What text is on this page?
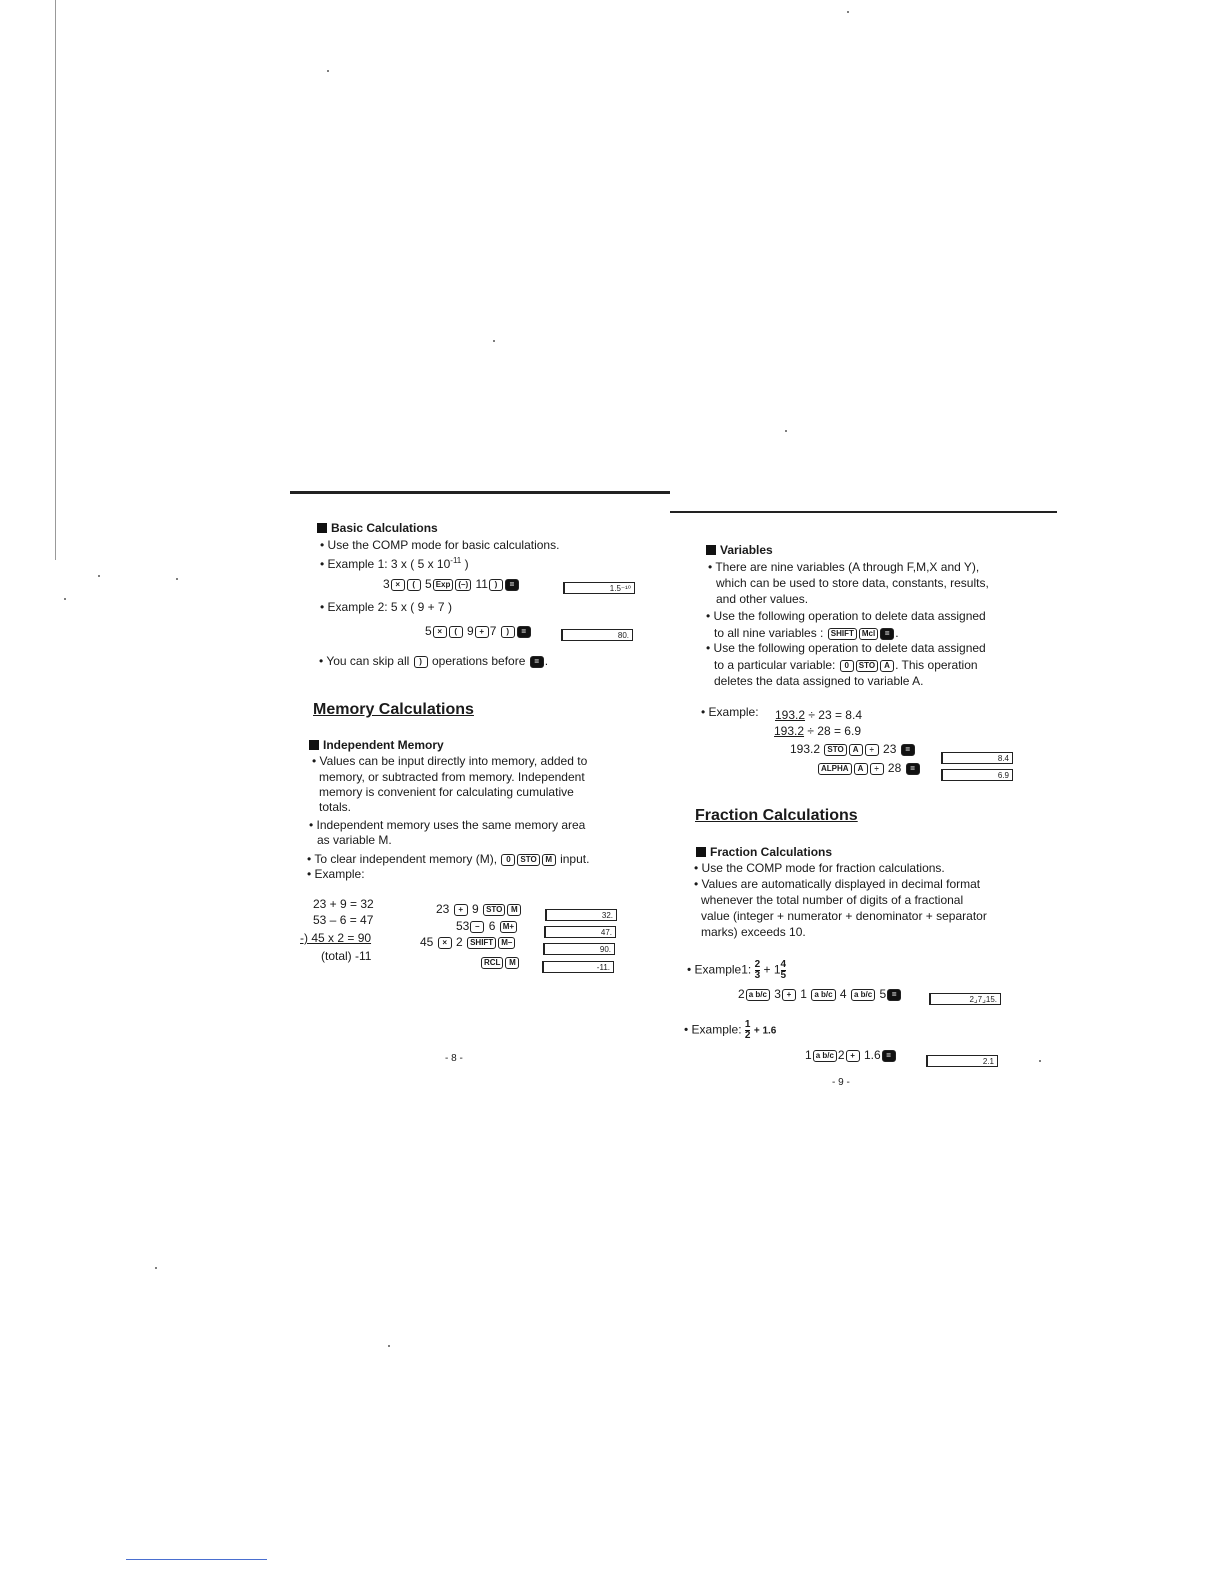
Basic Calculations
• Use the COMP mode for basic calculations.
• Example 1: 3 x ( 5 x $10^{-11}$ )
3 × ( 5 Exp (–) 11 ) =	1.5⁻¹⁰
• Example 2: 5 x ( 9 + 7 )
5 × ( 9 + 7 ) =	80.
• You can skip all ) operations before = .
Memory Calculations
Independent Memory
• Values can be input directly into memory, added to
memory, or subtracted from memory. Independent
memory is convenient for calculating cumulative
totals.
• Independent memory uses the same memory area
as variable M.
• To clear independent memory (M), 0 STO M input.
• Example:
23 + 9 = 32
53 – 6 = 47
-) 45 x 2 = 90
(total) -11
23 + 9 STO M
53 – 6 M+
45 × 2 SHIFT M–
RCL M
32.
47.
90.
-11.
- 8 -
Variables
• There are nine variables (A through F,M,X and Y),
which can be used to store data, constants, results,
and other values.
• Use the following operation to delete data assigned
to all nine variables : SHIFT Mcl = .
• Use the following operation to delete data assigned
to a particular variable: 0 STO A . This operation
deletes the data assigned to variable A.
• Example: 193.2 ÷ 23 = 8.4
193.2 ÷ 28 = 6.9
193.2 STO A ÷ 23 =
ALPHA A ÷ 28 =
8.4
6.9
Fraction Calculations
Fraction Calculations
• Use the COMP mode for fraction calculations.
• Values are automatically displayed in decimal format
whenever the total number of digits of a fractional
value (integer + numerator + denominator + separator
marks) exceeds 10.
• Example1: $\frac{2}{3} + 1 \frac{4}{5}$
2 a b/c 3 + 1 a b/c 4 a b/c 5 =
2⌟7⌟15.
• Example: $\frac{1}{2} + 1.6$
1 a b/c 2 + 1.6 =
2.1
- 9 -
